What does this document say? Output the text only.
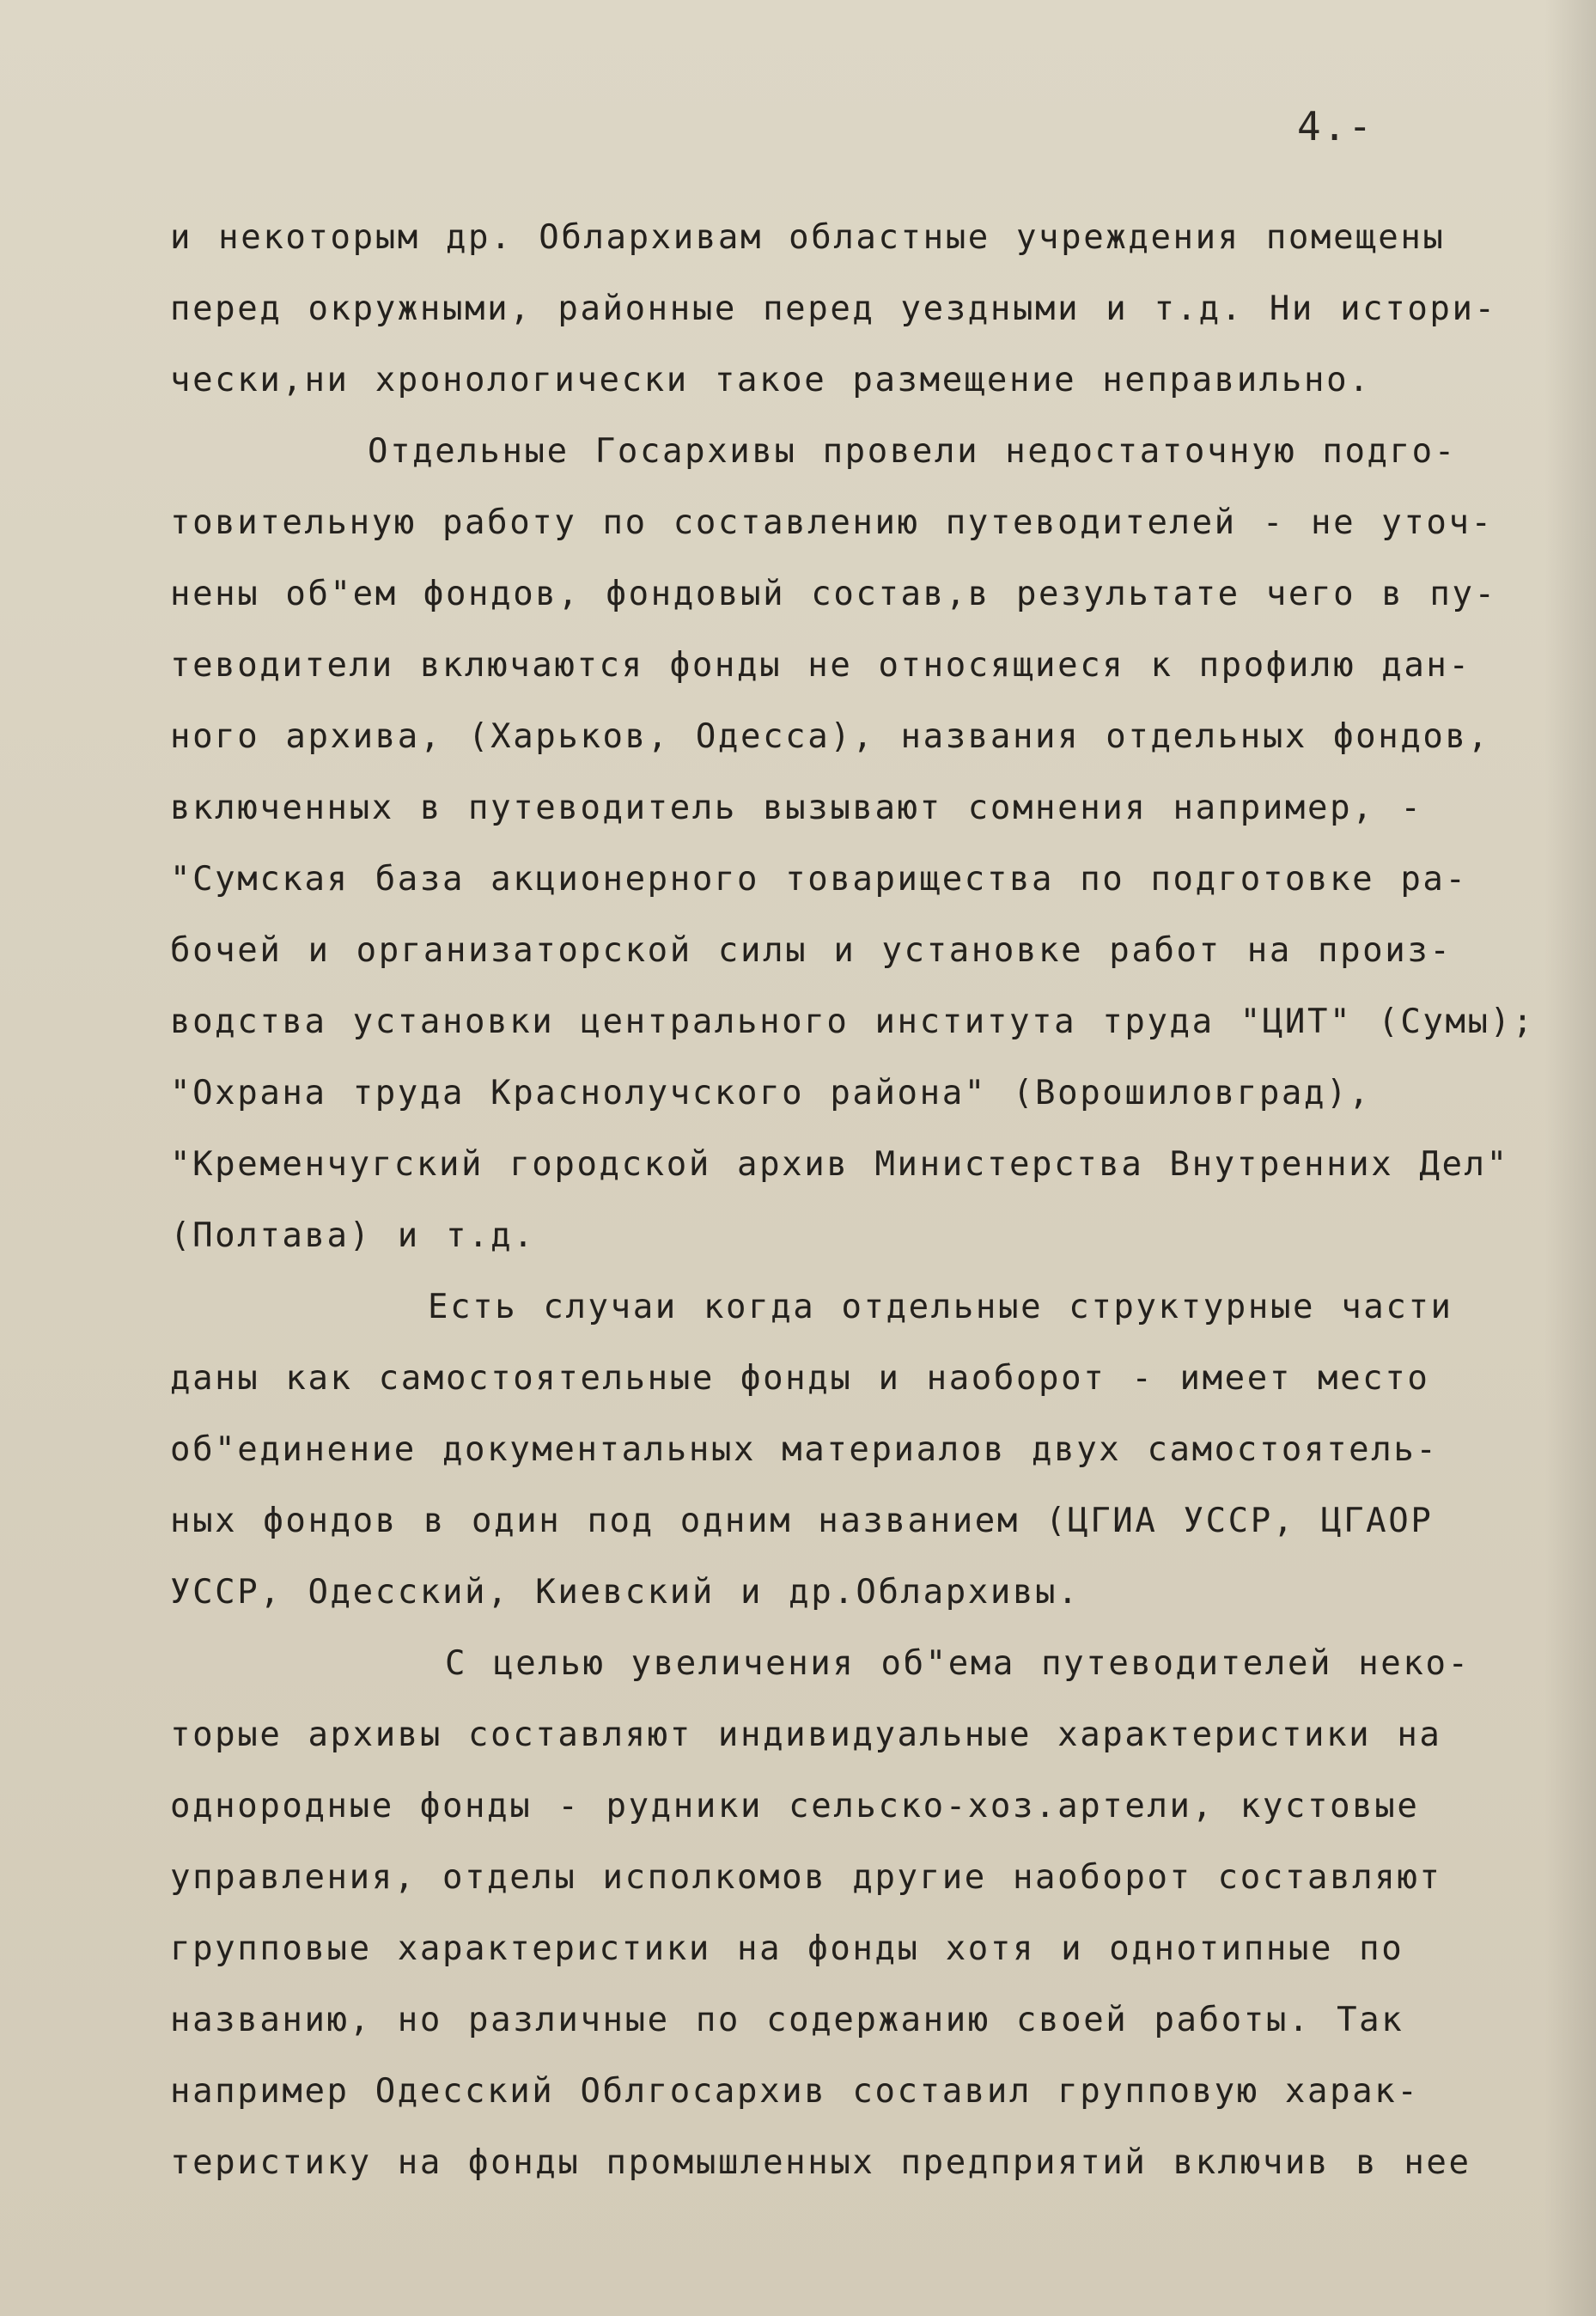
4.-
и некоторым др. Облархивам областные учреждения помещены
перед окружными, районные перед уездными и т.д. Ни истори-
чески,ни хронологически такое размещение неправильно.
Отдельные Госархивы провели недостаточную подго-
товительную работу по составлению путеводителей - не уточ-
нены об"ем фондов, фондовый состав,в результате чего в пу-
теводители включаются фонды не относящиеся к профилю дан-
ного архива, (Харьков, Одесса), названия отдельных фондов,
включенных в путеводитель вызывают сомнения например, -
"Сумская база акционерного товарищества по подготовке ра-
бочей и организаторской силы и установке работ на произ-
водства установки центрального института труда "ЦИТ" (Сумы);
"Охрана труда Краснолучского района" (Ворошиловград),
"Кременчугский городской архив Министерства Внутренних Дел"
(Полтава) и т.д.
Есть случаи когда отдельные структурные части
даны как самостоятельные фонды и наоборот - имеет место
об"единение документальных материалов двух самостоятель-
ных фондов в один под одним названием (ЦГИА УССР, ЦГАОР
УССР, Одесский, Киевский и др.Облархивы.
С целью увеличения об"ема путеводителей неко-
торые архивы составляют индивидуальные характеристики на
однородные фонды - рудники сельско-хоз.артели, кустовые
управления, отделы исполкомов другие наоборот составляют
групповые характеристики на фонды хотя и однотипные по
названию, но различные по содержанию своей работы. Так
например Одесский Облгосархив составил групповую харак-
теристику на фонды промышленных предприятий включив в нее
